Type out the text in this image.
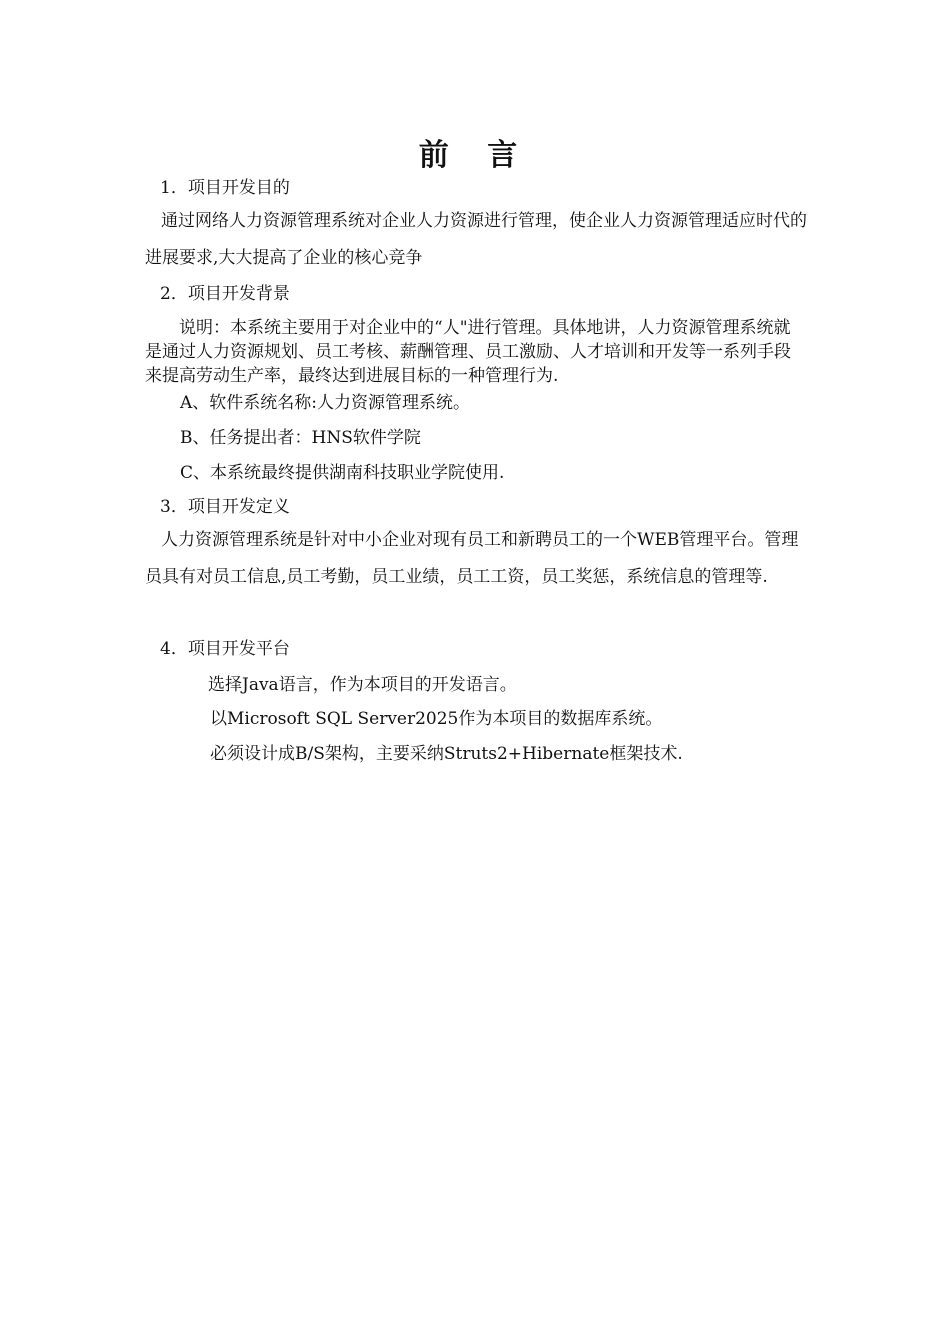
前 言
1．项目开发目的
通过网络人力资源管理系统对企业人力资源进行管理，使企业人力资源管理适应时代的进展要求,大大提高了企业的核心竞争
2．项目开发背景
说明：本系统主要用于对企业中的“人"进行管理。具体地讲，人力资源管理系统就是通过人力资源规划、员工考核、薪酬管理、员工激励、人才培训和开发等一系列手段来提高劳动生产率，最终达到进展目标的一种管理行为.
A、软件系统名称:人力资源管理系统。
B、任务提出者：HNS软件学院
C、本系统最终提供湖南科技职业学院使用.
3．项目开发定义
人力资源管理系统是针对中小企业对现有员工和新聘员工的一个WEB管理平台。管理员具有对员工信息,员工考勤，员工业绩，员工工资，员工奖惩，系统信息的管理等.
4．项目开发平台
选择Java语言，作为本项目的开发语言。
以Microsoft SQL Server2025作为本项目的数据库系统。
必须设计成B/S架构，主要采纳Struts2+Hibernate框架技术.
